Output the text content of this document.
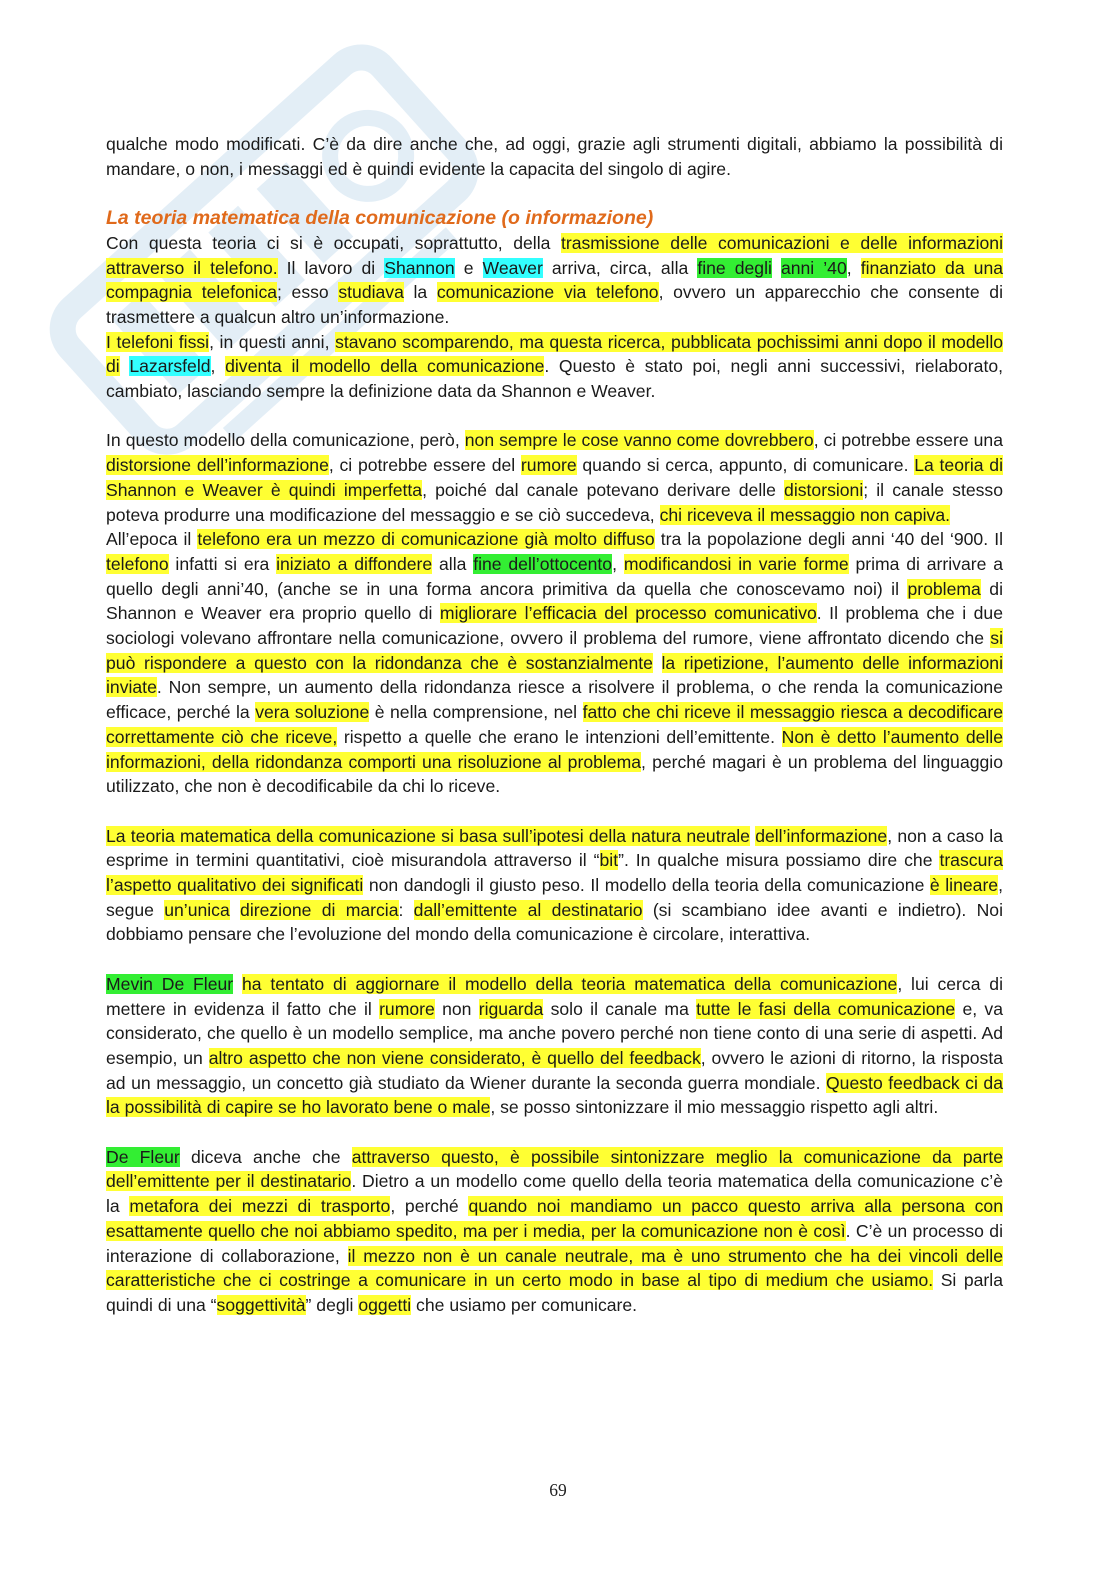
qualche modo modificati. C’è da dire anche che, ad oggi, grazie agli strumenti digitali, abbiamo la possibilità di mandare, o non, i messaggi ed è quindi evidente la capacita del singolo di agire.

La teoria matematica della comunicazione (o informazione)

Con questa teoria ci si è occupati, soprattutto, della trasmissione delle comunicazioni e delle informazioni attraverso il telefono. Il lavoro di Shannon e Weaver arriva, circa, alla fine degli anni ’40, finanziato da una compagnia telefonica; esso studiava la comunicazione via telefono, ovvero un apparecchio che consente di trasmettere a qualcun altro un’informazione.

I telefoni fissi, in questi anni, stavano scomparendo, ma questa ricerca, pubblicata pochissimi anni dopo il modello di Lazarsfeld, diventa il modello della comunicazione. Questo è stato poi, negli anni successivi, rielaborato, cambiato, lasciando sempre la definizione data da Shannon e Weaver.

In questo modello della comunicazione, però, non sempre le cose vanno come dovrebbero, ci potrebbe essere una distorsione dell’informazione, ci potrebbe essere del rumore quando si cerca, appunto, di comunicare. La teoria di Shannon e Weaver è quindi imperfetta, poiché dal canale potevano derivare delle distorsioni; il canale stesso poteva produrre una modificazione del messaggio e se ciò succedeva, chi riceveva il messaggio non capiva.

All’epoca il telefono era un mezzo di comunicazione già molto diffuso tra la popolazione degli anni ‘40 del ‘900. Il telefono infatti si era iniziato a diffondere alla fine dell’ottocento, modificandosi in varie forme prima di arrivare a quello degli anni’40, (anche se in una forma ancora primitiva da quella che conoscevamo noi) il problema di Shannon e Weaver era proprio quello di migliorare l’efficacia del processo comunicativo. Il problema che i due sociologi volevano affrontare nella comunicazione, ovvero il problema del rumore, viene affrontato dicendo che si può rispondere a questo con la ridondanza che è sostanzialmente la ripetizione, l’aumento delle informazioni inviate. Non sempre, un aumento della ridondanza riesce a risolvere il problema, o che renda la comunicazione efficace, perché la vera soluzione è nella comprensione, nel fatto che chi riceve il messaggio riesca a decodificare correttamente ciò che riceve, rispetto a quelle che erano le intenzioni dell’emittente. Non è detto l’aumento delle informazioni, della ridondanza comporti una risoluzione al problema, perché magari è un problema del linguaggio utilizzato, che non è decodificabile da chi lo riceve.

La teoria matematica della comunicazione si basa sull’ipotesi della natura neutrale dell’informazione, non a caso la esprime in termini quantitativi, cioè misurandola attraverso il “bit”. In qualche misura possiamo dire che trascura l’aspetto qualitativo dei significati non dandogli il giusto peso. Il modello della teoria della comunicazione è lineare, segue un’unica direzione di marcia: dall’emittente al destinatario (si scambiano idee avanti e indietro). Noi dobbiamo pensare che l’evoluzione del mondo della comunicazione è circolare, interattiva.

Mevin De Fleur ha tentato di aggiornare il modello della teoria matematica della comunicazione, lui cerca di mettere in evidenza il fatto che il rumore non riguarda solo il canale ma tutte le fasi della comunicazione e, va considerato, che quello è un modello semplice, ma anche povero perché non tiene conto di una serie di aspetti. Ad esempio, un altro aspetto che non viene considerato, è quello del feedback, ovvero le azioni di ritorno, la risposta ad un messaggio, un concetto già studiato da Wiener durante la seconda guerra mondiale. Questo feedback ci da la possibilità di capire se ho lavorato bene o male, se posso sintonizzare il mio messaggio rispetto agli altri.

De Fleur diceva anche che attraverso questo, è possibile sintonizzare meglio la comunicazione da parte dell’emittente per il destinatario. Dietro a un modello come quello della teoria matematica della comunicazione c’è la metafora dei mezzi di trasporto, perché quando noi mandiamo un pacco questo arriva alla persona con esattamente quello che noi abbiamo spedito, ma per i media, per la comunicazione non è così. C’è un processo di interazione di collaborazione, il mezzo non è un canale neutrale, ma è uno strumento che ha dei vincoli delle caratteristiche che ci costringe a comunicare in un certo modo in base al tipo di medium che usiamo. Si parla quindi di una “soggettività” degli oggetti che usiamo per comunicare.

69
